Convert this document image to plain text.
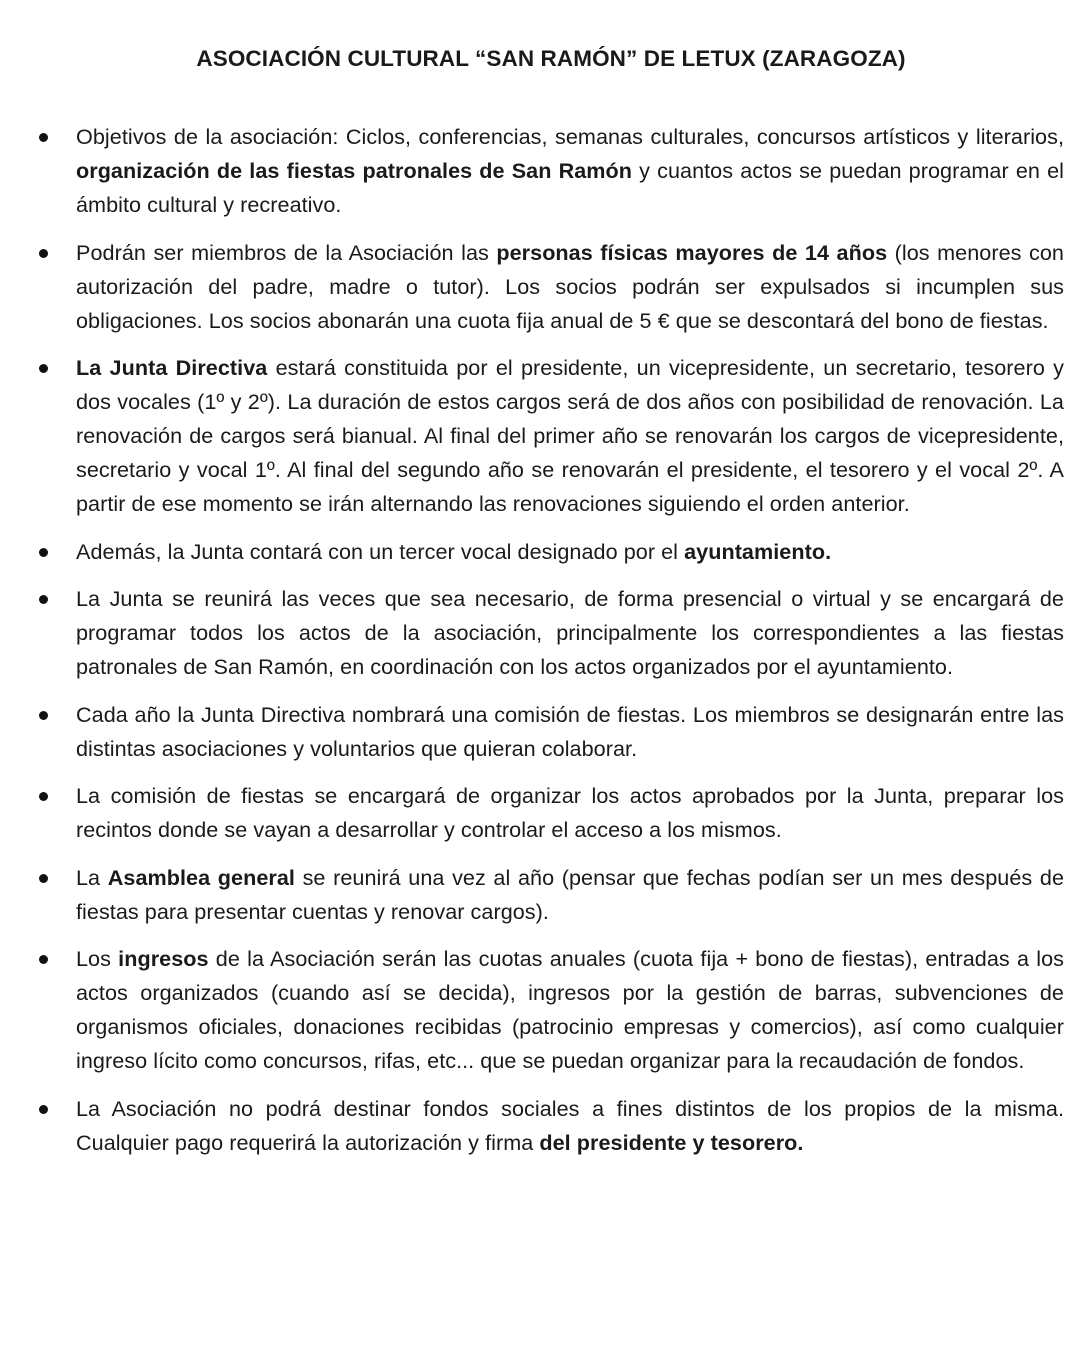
ASOCIACIÓN CULTURAL “SAN RAMÓN” DE LETUX (ZARAGOZA)
Objetivos de la asociación: Ciclos, conferencias, semanas culturales, concursos artísticos y literarios, organización de las fiestas patronales de San Ramón y cuantos actos se puedan programar en el ámbito cultural y recreativo.
Podrán ser miembros de la Asociación las personas físicas mayores de 14 años (los menores con autorización del padre, madre o tutor). Los socios podrán ser expulsados si incumplen sus obligaciones. Los socios abonarán una cuota fija anual de 5 € que se descontará del bono de fiestas.
La Junta Directiva estará constituida por el presidente, un vicepresidente, un secretario, tesorero y dos vocales (1º y 2º). La duración de estos cargos será de dos años con posibilidad de renovación. La renovación de cargos será bianual. Al final del primer año se renovarán los cargos de vicepresidente, secretario y vocal 1º. Al final del segundo año se renovarán el presidente, el tesorero y el vocal 2º. A partir de ese momento se irán alternando las renovaciones siguiendo el orden anterior.
Además, la Junta contará con un tercer vocal designado por el ayuntamiento.
La Junta se reunirá las veces que sea necesario, de forma presencial o virtual y se encargará de programar todos los actos de la asociación, principalmente los correspondientes a las fiestas patronales de San Ramón, en coordinación con los actos organizados por el ayuntamiento.
Cada año la Junta Directiva nombrará una comisión de fiestas. Los miembros se designarán entre las distintas asociaciones y voluntarios que quieran colaborar.
La comisión de fiestas se encargará de organizar los actos aprobados por la Junta, preparar los recintos donde se vayan a desarrollar y controlar el acceso a los mismos.
La Asamblea general se reunirá una vez al año (pensar que fechas podían ser un mes después de fiestas para presentar cuentas y renovar cargos).
Los ingresos de la Asociación serán las cuotas anuales (cuota fija + bono de fiestas), entradas a los actos organizados (cuando así se decida), ingresos por la gestión de barras, subvenciones de organismos oficiales, donaciones recibidas (patrocinio empresas y comercios), así como cualquier ingreso lícito como concursos, rifas, etc... que se puedan organizar para la recaudación de fondos.
La Asociación no podrá destinar fondos sociales a fines distintos de los propios de la misma. Cualquier pago requerirá la autorización y firma del presidente y tesorero.
